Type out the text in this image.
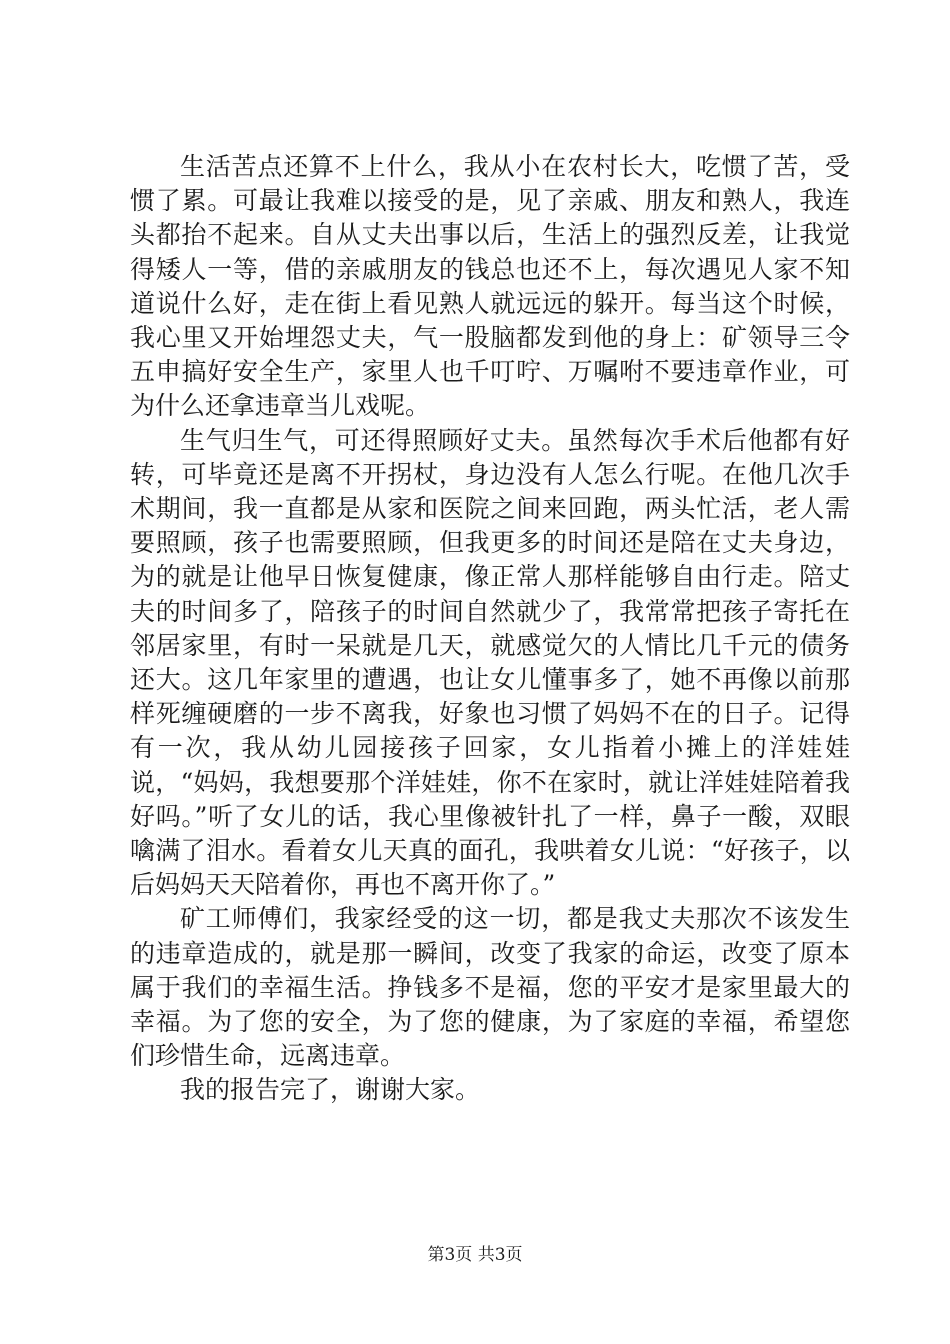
生活苦点还算不上什么，我从小在农村长大，吃惯了苦，受惯了累。可最让我难以接受的是，见了亲戚、朋友和熟人，我连头都抬不起来。自从丈夫出事以后，生活上的强烈反差，让我觉得矮人一等，借的亲戚朋友的钱总也还不上，每次遇见人家不知道说什么好，走在街上看见熟人就远远的躲开。每当这个时候，我心里又开始埋怨丈夫，气一股脑都发到他的身上：矿领导三令五申搞好安全生产，家里人也千叮咛、万嘱咐不要违章作业，可为什么还拿违章当儿戏呢。

生气归生气，可还得照顾好丈夫。虽然每次手术后他都有好转，可毕竟还是离不开拐杖，身边没有人怎么行呢。在他几次手术期间，我一直都是从家和医院之间来回跑，两头忙活，老人需要照顾，孩子也需要照顾，但我更多的时间还是陪在丈夫身边，为的就是让他早日恢复健康，像正常人那样能够自由行走。陪丈夫的时间多了，陪孩子的时间自然就少了，我常常把孩子寄托在邻居家里，有时一呆就是几天，就感觉欠的人情比几千元的债务还大。这几年家里的遭遇，也让女儿懂事多了，她不再像以前那样死缠硬磨的一步不离我，好象也习惯了妈妈不在的日子。记得有一次，我从幼儿园接孩子回家，女儿指着小摊上的洋娃娃说，“妈妈，我想要那个洋娃娃，你不在家时，就让洋娃娃陪着我好吗。”听了女儿的话，我心里像被针扎了一样，鼻子一酸，双眼噙满了泪水。看着女儿天真的面孔，我哄着女儿说：“好孩子，以后妈妈天天陪着你，再也不离开你了。”

矿工师傅们，我家经受的这一切，都是我丈夫那次不该发生的违章造成的，就是那一瞬间，改变了我家的命运，改变了原本属于我们的幸福生活。挣钱多不是福，您的平安才是家里最大的幸福。为了您的安全，为了您的健康，为了家庭的幸福，希望您们珍惜生命，远离违章。

我的报告完了，谢谢大家。

第3页 共3页
